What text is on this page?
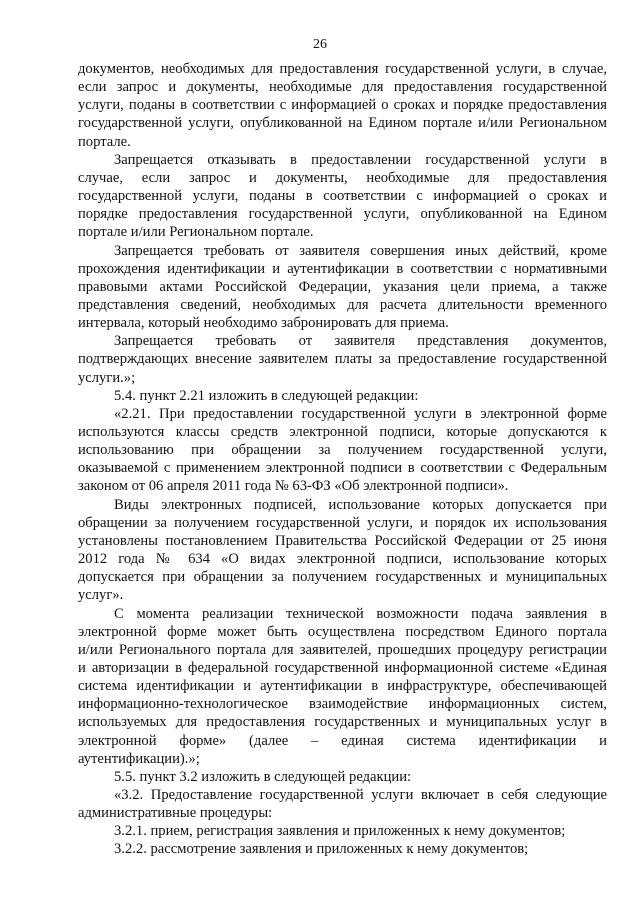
26
документов, необходимых для предоставления государственной услуги, в случае,
если запрос и документы, необходимые для предоставления государственной
услуги, поданы в соответствии с информацией о сроках и порядке предоставления
государственной услуги, опубликованной на Едином портале и/или Региональном
портале.
Запрещается отказывать в предоставлении государственной услуги в
случае, если запрос и документы, необходимые для предоставления
государственной услуги, поданы в соответствии с информацией о сроках и
порядке предоставления государственной услуги, опубликованной на Едином
портале и/или Региональном портале.
Запрещается требовать от заявителя совершения иных действий, кроме
прохождения идентификации и аутентификации в соответствии с нормативными
правовыми актами Российской Федерации, указания цели приема, а также
представления сведений, необходимых для расчета длительности временного
интервала, который необходимо забронировать для приема.
Запрещается требовать от заявителя представления документов,
подтверждающих внесение заявителем платы за предоставление государственной
услуги.»;
5.4. пункт 2.21 изложить в следующей редакции:
«2.21. При предоставлении государственной услуги в электронной форме
используются классы средств электронной подписи, которые допускаются к
использованию при обращении за получением государственной услуги,
оказываемой с применением электронной подписи в соответствии с Федеральным
законом от 06 апреля 2011 года № 63-ФЗ «Об электронной подписи».
Виды электронных подписей, использование которых допускается при
обращении за получением государственной услуги, и порядок их использования
установлены постановлением Правительства Российской Федерации от 25 июня
2012 года № 634 «О видах электронной подписи, использование которых
допускается при обращении за получением государственных и муниципальных
услуг».
С момента реализации технической возможности подача заявления в
электронной форме может быть осуществлена посредством Единого портала
и/или Регионального портала для заявителей, прошедших процедуру регистрации
и авторизации в федеральной государственной информационной системе «Единая
система идентификации и аутентификации в инфраструктуре, обеспечивающей
информационно-технологическое взаимодействие информационных систем,
используемых для предоставления государственных и муниципальных услуг в
электронной форме» (далее – единая система идентификации и
аутентификации).»;
5.5. пункт 3.2 изложить в следующей редакции:
«3.2. Предоставление государственной услуги включает в себя следующие
административные процедуры:
3.2.1. прием, регистрация заявления и приложенных к нему документов;
3.2.2. рассмотрение заявления и приложенных к нему документов;
